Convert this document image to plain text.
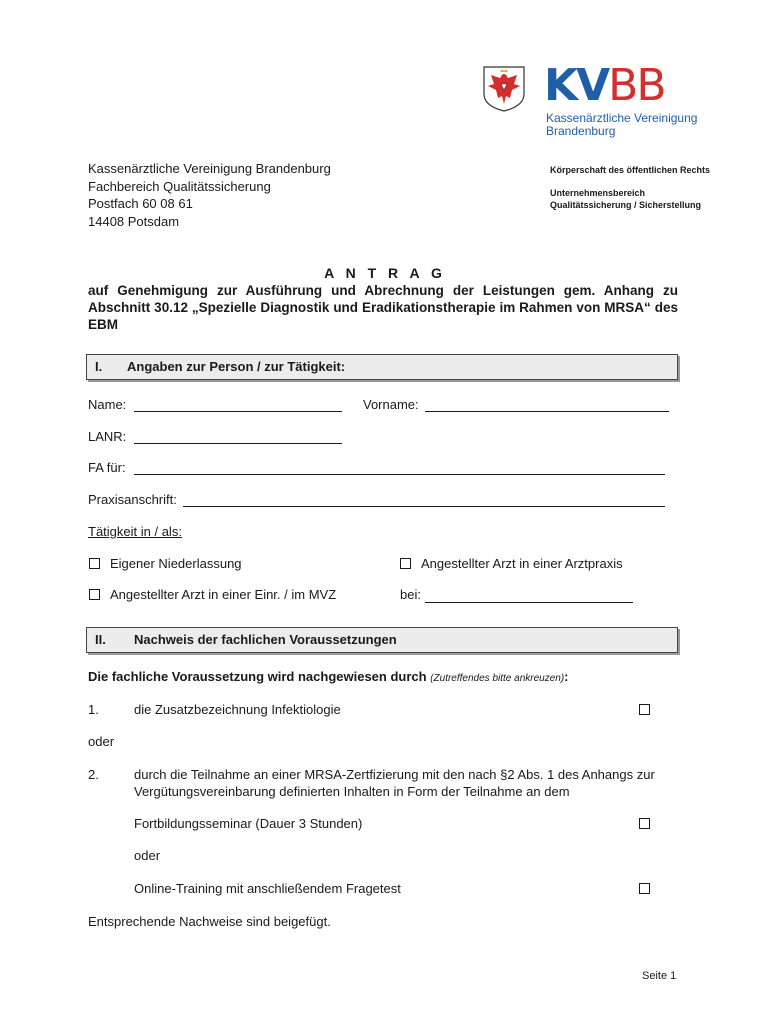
KVBB
Kassenärztliche Vereinigung
Brandenburg
Kassenärztliche Vereinigung Brandenburg
Fachbereich Qualitätssicherung
Postfach 60 08 61
14408 Potsdam
Körperschaft des öffentlichen Rechts
Unternehmensbereich
Qualitätssicherung / Sicherstellung
A N T R A G
auf Genehmigung zur Ausführung und Abrechnung der Leistungen gem. Anhang zu Abschnitt 30.12 „Spezielle Diagnostik und Eradikationstherapie im Rahmen von MRSA“ des EBM
I. Angaben zur Person / zur Tätigkeit:
Name:	Vorname:
LANR:
FA für:
Praxisanschrift:
Tätigkeit in / als:
Eigener Niederlassung	Angestellter Arzt in einer Arztpraxis
Angestellter Arzt in einer Einr. / im MVZ	bei:
II. Nachweis der fachlichen Voraussetzungen
Die fachliche Voraussetzung wird nachgewiesen durch (Zutreffendes bitte ankreuzen):
1.	die Zusatzbezeichnung Infektiologie
oder
2.	durch die Teilnahme an einer MRSA-Zertfizierung mit den nach §2 Abs. 1 des Anhangs zur
Vergütungsvereinbarung definierten Inhalten in Form der Teilnahme an dem
Fortbildungsseminar (Dauer 3 Stunden)
oder
Online-Training mit anschließendem Fragetest
Entsprechende Nachweise sind beigefügt.
Seite 1
